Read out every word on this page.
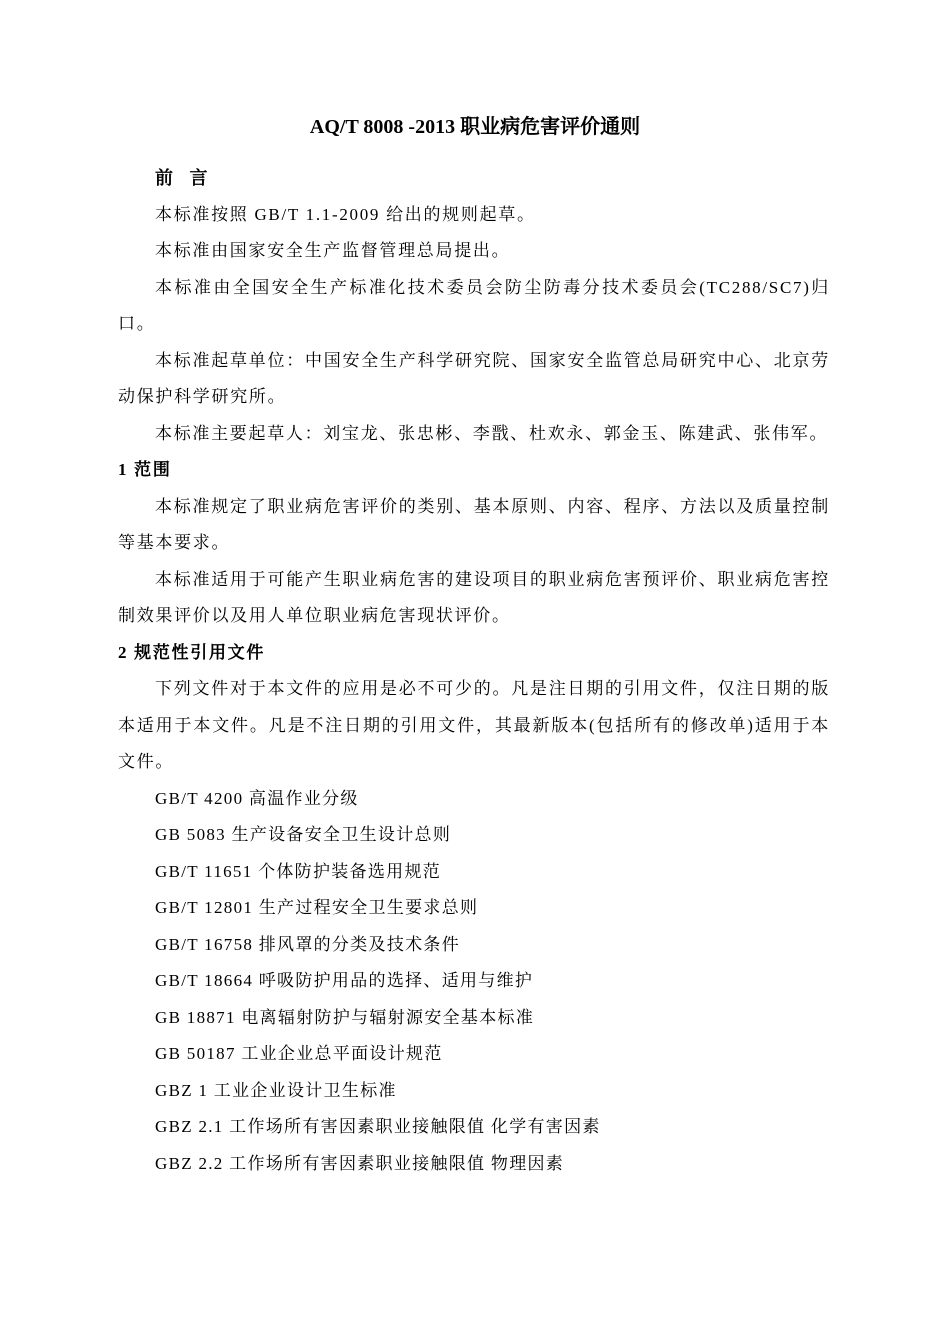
AQ/T 8008 -2013 职业病危害评价通则

前 言

本标准按照 GB/T 1.1-2009 给出的规则起草。

本标准由国家安全生产监督管理总局提出。

本标准由全国安全生产标准化技术委员会防尘防毒分技术委员会(TC288/SC7)归口。

本标准起草单位：中国安全生产科学研究院、国家安全监管总局研究中心、北京劳动保护科学研究所。

本标准主要起草人：刘宝龙、张忠彬、李戬、杜欢永、郭金玉、陈建武、张伟军。

1 范围

本标准规定了职业病危害评价的类别、基本原则、内容、程序、方法以及质量控制等基本要求。

本标准适用于可能产生职业病危害的建设项目的职业病危害预评价、职业病危害控制效果评价以及用人单位职业病危害现状评价。

2 规范性引用文件

下列文件对于本文件的应用是必不可少的。凡是注日期的引用文件，仅注日期的版本适用于本文件。凡是不注日期的引用文件，其最新版本(包括所有的修改单)适用于本文件。

GB/T 4200 高温作业分级

GB 5083 生产设备安全卫生设计总则

GB/T 11651 个体防护装备选用规范

GB/T 12801 生产过程安全卫生要求总则

GB/T 16758 排风罩的分类及技术条件

GB/T 18664 呼吸防护用品的选择、适用与维护

GB 18871 电离辐射防护与辐射源安全基本标准

GB 50187 工业企业总平面设计规范

GBZ 1 工业企业设计卫生标准

GBZ 2.1 工作场所有害因素职业接触限值 化学有害因素

GBZ 2.2 工作场所有害因素职业接触限值 物理因素
